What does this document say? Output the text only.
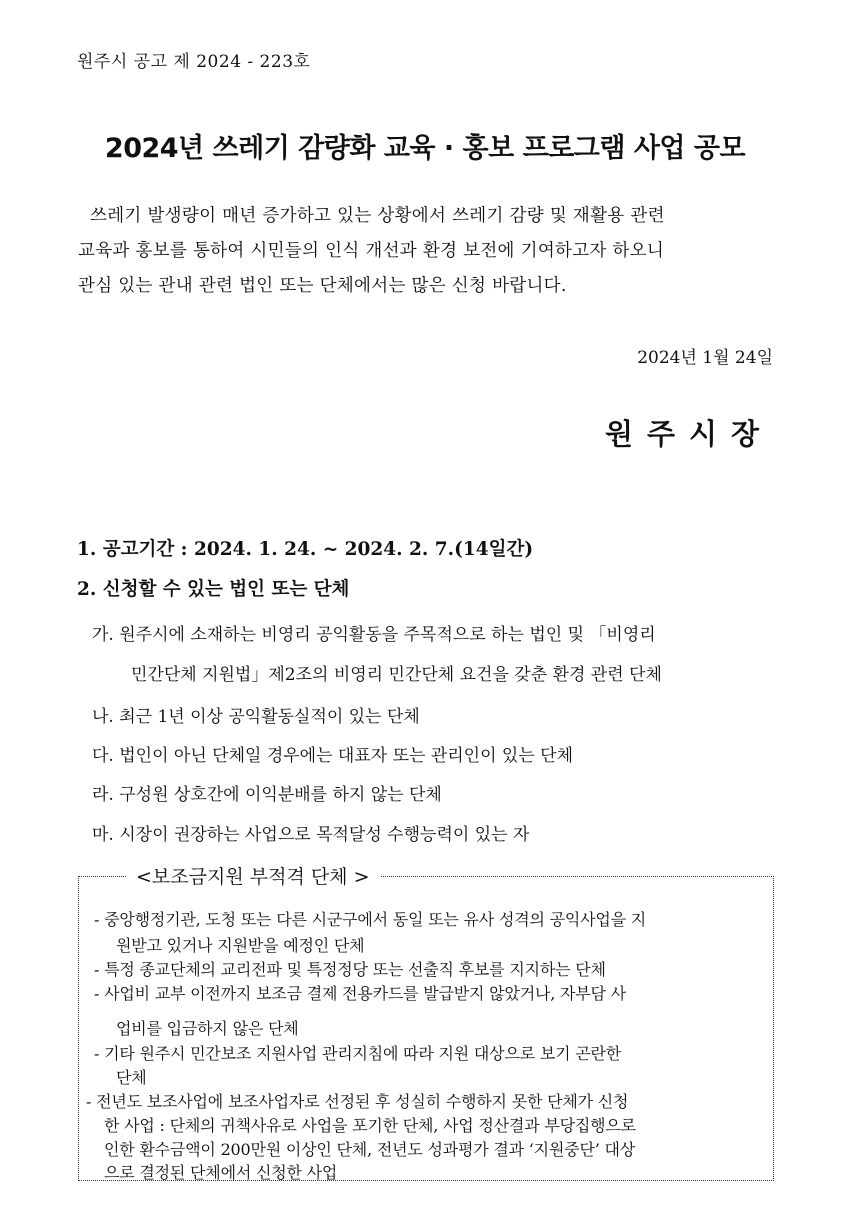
원주시 공고 제 2024 - 223호
2024년 쓰레기 감량화 교육 · 홍보 프로그램 사업 공모
쓰레기 발생량이 매년 증가하고 있는 상황에서 쓰레기 감량 및 재활용 관련
교육과 홍보를 통하여 시민들의 인식 개선과 환경 보전에 기여하고자 하오니
관심 있는 관내 관련 법인 또는 단체에서는 많은 신청 바랍니다.
2024년 1월 24일
원주시장
1. 공고기간 : 2024. 1. 24. ~ 2024. 2. 7.(14일간)
2. 신청할 수 있는 법인 또는 단체
가. 원주시에 소재하는 비영리 공익활동을 주목적으로 하는 법인 및 「비영리
민간단체 지원법」제2조의 비영리 민간단체 요건을 갖춘 환경 관련 단체
나. 최근 1년 이상 공익활동실적이 있는 단체
다. 법인이 아닌 단체일 경우에는 대표자 또는 관리인이 있는 단체
라. 구성원 상호간에 이익분배를 하지 않는 단체
마. 시장이 권장하는 사업으로 목적달성 수행능력이 있는 자
<보조금지원 부적격 단체 >
- 중앙행정기관, 도청 또는 다른 시군구에서 동일 또는 유사 성격의 공익사업을 지
원받고 있거나 지원받을 예정인 단체
- 특정 종교단체의 교리전파 및 특정정당 또는 선출직 후보를 지지하는 단체
- 사업비 교부 이전까지 보조금 결제 전용카드를 발급받지 않았거나, 자부담 사
업비를 입금하지 않은 단체
- 기타 원주시 민간보조 지원사업 관리지침에 따라 지원 대상으로 보기 곤란한
단체
- 전년도 보조사업에 보조사업자로 선정된 후 성실히 수행하지 못한 단체가 신청
한 사업 : 단체의 귀책사유로 사업을 포기한 단체, 사업 정산결과 부당집행으로
인한 환수금액이 200만원 이상인 단체, 전년도 성과평가 결과 ‘지원중단’ 대상
으로 결정된 단체에서 신청한 사업
